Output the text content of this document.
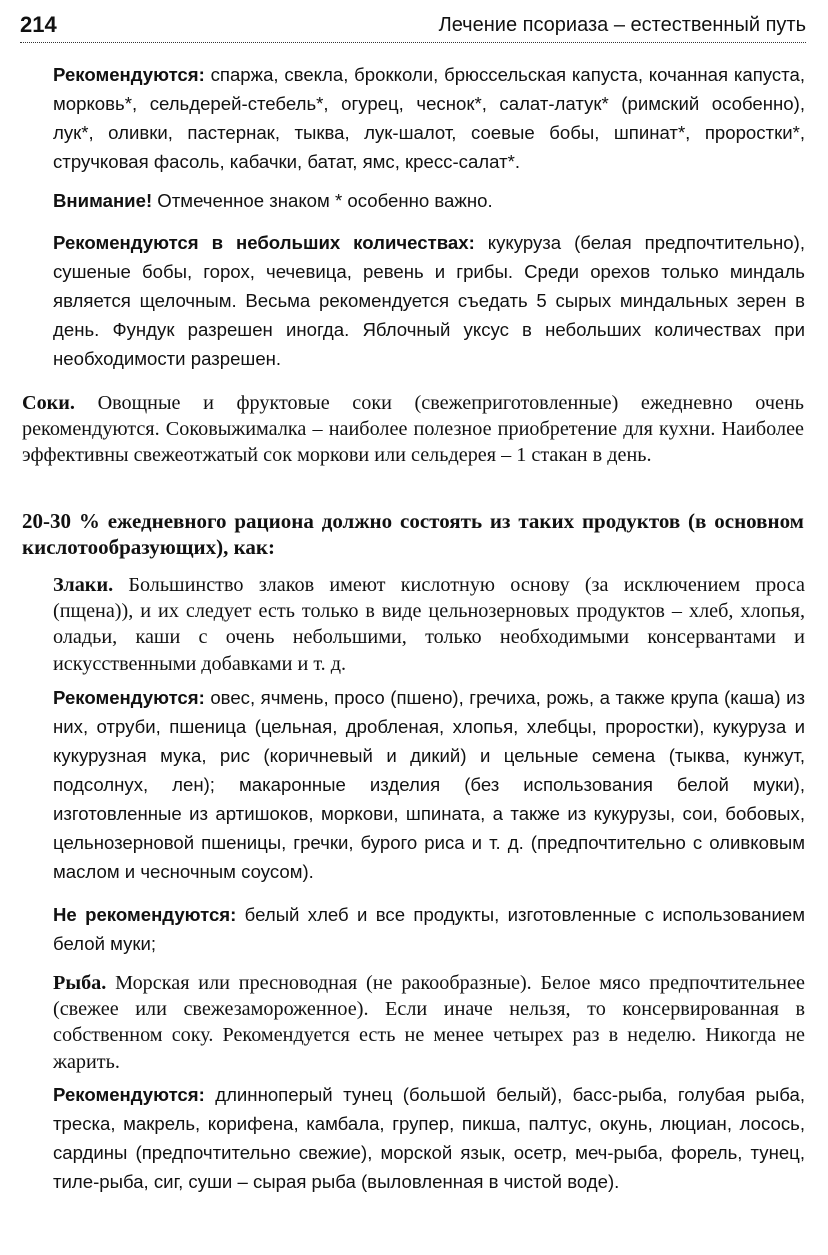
214	Лечение псориаза – естественный путь

Рекомендуются: спаржа, свекла, брокколи, брюссельская капуста, кочанная капуста, морковь*, сельдерей-стебель*, огурец, чеснок*, салат-латук* (римский особенно), лук*, оливки, пастернак, тыква, лук-шалот, соевые бобы, шпинат*, проростки*, стручковая фасоль, кабачки, батат, ямс, кресс-салат*.

Внимание! Отмеченное знаком * особенно важно.

Рекомендуются в небольших количествах: кукуруза (белая предпочтительно), сушеные бобы, горох, чечевица, ревень и грибы. Среди орехов только миндаль является щелочным. Весьма рекомендуется съедать 5 сырых миндальных зерен в день. Фундук разрешен иногда. Яблочный уксус в небольших количествах при необходимости разрешен.

Соки. Овощные и фруктовые соки (свежеприготовленные) ежедневно очень рекомендуются. Соковыжималка – наиболее полезное приобретение для кухни. Наиболее эффективны свежеотжатый сок моркови или сельдерея – 1 стакан в день.

20-30 % ежедневного рациона должно состоять из таких продуктов (в основном кислотообразующих), как:

Злаки. Большинство злаков имеют кислотную основу (за исключением проса (пщена)), и их следует есть только в виде цельнозерновых продуктов – хлеб, хлопья, оладьи, каши с очень небольшими, только необходимыми консервантами и искусственными добавками и т. д.

Рекомендуются: овес, ячмень, просо (пшено), гречиха, рожь, а также крупа (каша) из них, отруби, пшеница (цельная, дробленая, хлопья, хлебцы, проростки), кукуруза и кукурузная мука, рис (коричневый и дикий) и цельные семена (тыква, кунжут, подсолнух, лен); макаронные изделия (без использования белой муки), изготовленные из артишоков, моркови, шпината, а также из кукурузы, сои, бобовых, цельнозерновой пшеницы, гречки, бурого риса и т. д. (предпочтительно с оливковым маслом и чесночным соусом).

Не рекомендуются: белый хлеб и все продукты, изготовленные с использованием белой муки;

Рыба. Морская или пресноводная (не ракообразные). Белое мясо предпочтительнее (свежее или свежезамороженное). Если иначе нельзя, то консервированная в собственном соку. Рекомендуется есть не менее четырех раз в неделю. Никогда не жарить.

Рекомендуются: длинноперый тунец (большой белый), басс-рыба, голубая рыба, треска, макрель, корифена, камбала, групер, пикша, палтус, окунь, люциан, лосось, сардины (предпочтительно свежие), морской язык, осетр, меч-рыба, форель, тунец, тиле-рыба, сиг, суши – сырая рыба (выловленная в чистой воде).
